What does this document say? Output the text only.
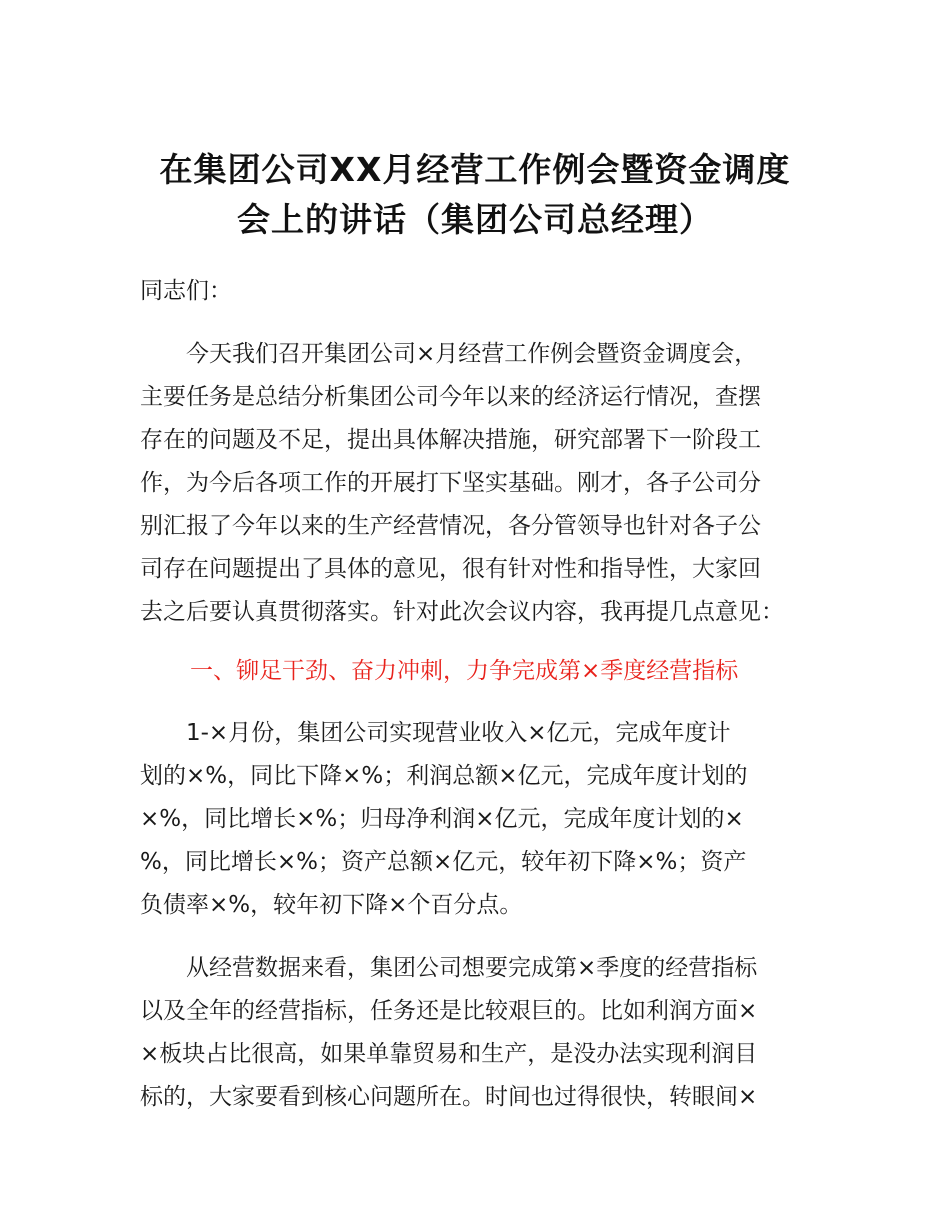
在集团公司XX月经营工作例会暨资金调度
会上的讲话（集团公司总经理）
同志们：
　　今天我们召开集团公司×月经营工作例会暨资金调度会，
主要任务是总结分析集团公司今年以来的经济运行情况，查摆
存在的问题及不足，提出具体解决措施，研究部署下一阶段工
作，为今后各项工作的开展打下坚实基础。刚才，各子公司分
别汇报了今年以来的生产经营情况，各分管领导也针对各子公
司存在问题提出了具体的意见，很有针对性和指导性，大家回
去之后要认真贯彻落实。针对此次会议内容，我再提几点意见：
一、铆足干劲、奋力冲刺，力争完成第×季度经营指标
　　1-×月份，集团公司实现营业收入×亿元，完成年度计
划的×%，同比下降×%；利润总额×亿元，完成年度计划的
×%，同比增长×%；归母净利润×亿元，完成年度计划的×
%，同比增长×%；资产总额×亿元，较年初下降×%；资产
负债率×%，较年初下降×个百分点。
　　从经营数据来看，集团公司想要完成第×季度的经营指标
以及全年的经营指标，任务还是比较艰巨的。比如利润方面×
×板块占比很高，如果单靠贸易和生产，是没办法实现利润目
标的，大家要看到核心问题所在。时间也过得很快，转眼间×
